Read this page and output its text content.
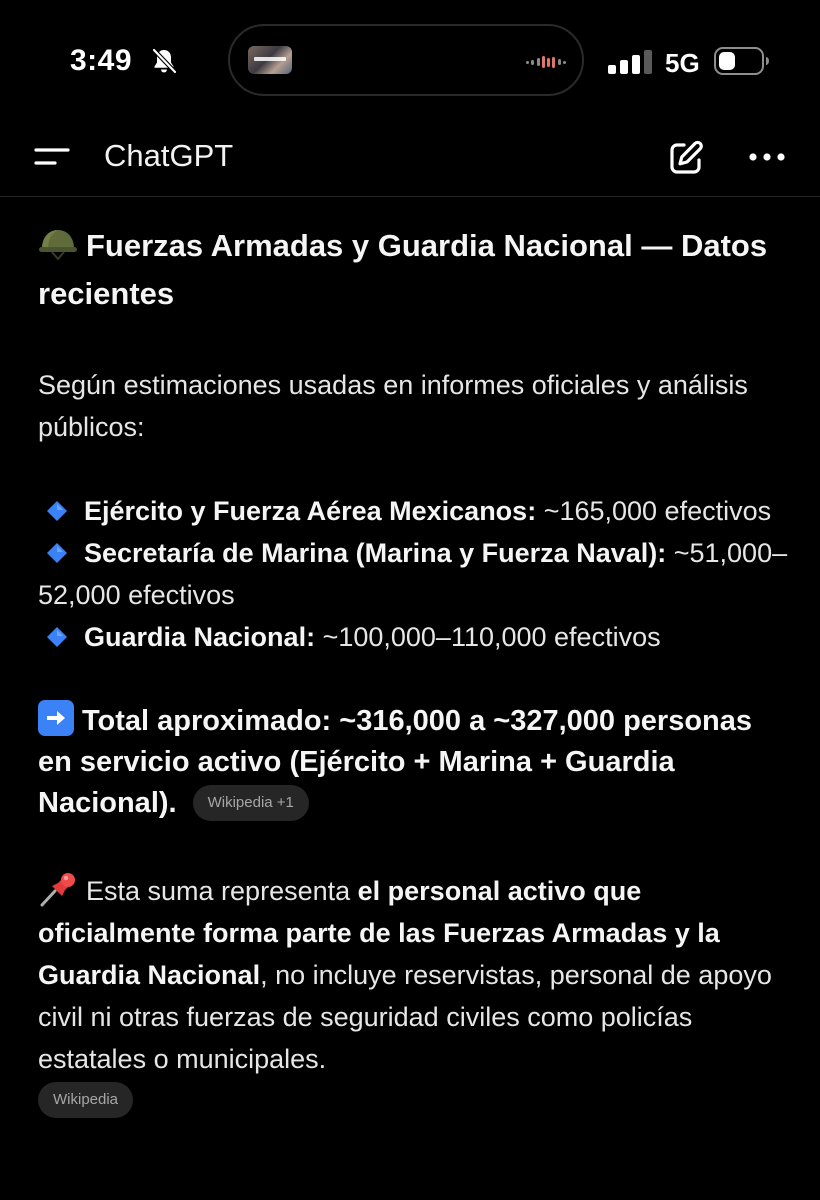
3:49	5G
ChatGPT
Fuerzas Armadas y Guardia Nacional — Datos recientes

Según estimaciones usadas en informes oficiales y análisis públicos:

Ejército y Fuerza Aérea Mexicanos: ~165,000 efectivos
Secretaría de Marina (Marina y Fuerza Naval): ~51,000–52,000 efectivos
Guardia Nacional: ~100,000–110,000 efectivos

Total aproximado: ~316,000 a ~327,000 personas en servicio activo (Ejército + Marina + Guardia Nacional). Wikipedia +1

Esta suma representa el personal activo que oficialmente forma parte de las Fuerzas Armadas y la Guardia Nacional, no incluye reservistas, personal de apoyo civil ni otras fuerzas de seguridad civiles como policías estatales o municipales.

Wikipedia
